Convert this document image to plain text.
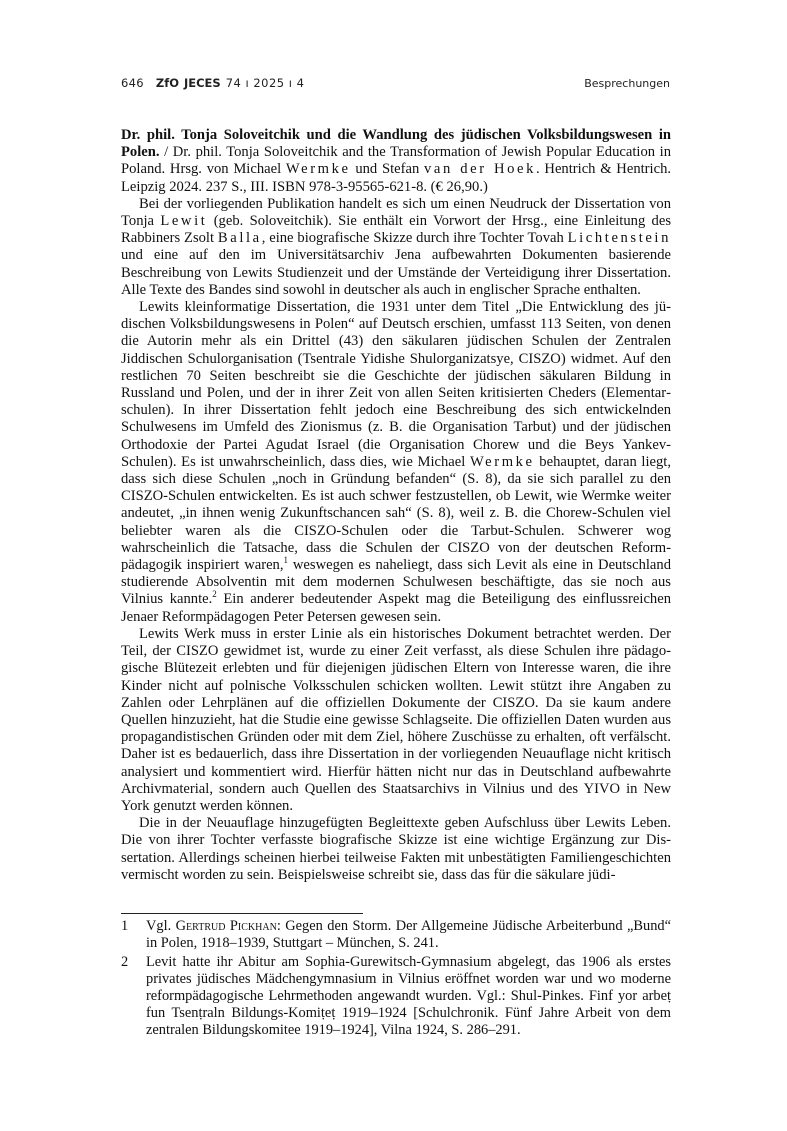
646 ZfO JECES 74 ı 2025 ı 4	Besprechungen

Dr. phil. Tonja Soloveitchik und die Wandlung des jüdischen Volksbildungswesen in Polen. / Dr. phil. Tonja Soloveitchik and the Transformation of Jewish Popular Education in Poland. Hrsg. von Michael Wermke und Stefan van der Hoek. Hentrich & Hentrich. Leipzig 2024. 237 S., III. ISBN 978-3-95565-621-8. (€ 26,90.)

Bei der vorliegenden Publikation handelt es sich um einen Neudruck der Dissertation von Tonja Lewit (geb. Soloveitchik). Sie enthält ein Vorwort der Hrsg., eine Einleitung des Rabbiners Zsolt Balla, eine biografische Skizze durch ihre Tochter Tovah Lichtenstein und eine auf den im Universitätsarchiv Jena aufbewahrten Dokumenten basierende Beschreibung von Lewits Studienzeit und der Umstände der Verteidigung ihrer Dissertation. Alle Texte des Bandes sind sowohl in deutscher als auch in englischer Sprache enthalten.

Lewits kleinformatige Dissertation, die 1931 unter dem Titel „Die Entwicklung des jüdischen Volksbildungswesens in Polen“ auf Deutsch erschien, umfasst 113 Seiten, von denen die Autorin mehr als ein Drittel (43) den säkularen jüdischen Schulen der Zentralen Jiddischen Schulorganisation (Tsentrale Yidishe Shulorganizatsye, CISZO) widmet. Auf den restlichen 70 Seiten beschreibt sie die Geschichte der jüdischen säkularen Bildung in Russland und Polen, und der in ihrer Zeit von allen Seiten kritisierten Cheders (Elementarschulen). In ihrer Dissertation fehlt jedoch eine Beschreibung des sich entwickelnden Schulwesens im Umfeld des Zionismus (z. B. die Organisation Tarbut) und der jüdischen Orthodoxie der Partei Agudat Israel (die Organisation Chorew und die Beys Yankev-Schulen). Es ist unwahrscheinlich, dass dies, wie Michael Wermke behauptet, daran liegt, dass sich diese Schulen „noch in Gründung befanden“ (S. 8), da sie sich parallel zu den CISZO-Schulen entwickelten. Es ist auch schwer festzustellen, ob Lewit, wie Wermke weiter andeutet, „in ihnen wenig Zukunftschancen sah“ (S. 8), weil z. B. die Chorew-Schulen viel beliebter waren als die CISZO-Schulen oder die Tarbut-Schulen. Schwerer wog wahrscheinlich die Tatsache, dass die Schulen der CISZO von der deutschen Reformpädagogik inspiriert waren,$^1$ weswegen es naheliegt, dass sich Levit als eine in Deutschland studierende Absolventin mit dem modernen Schulwesen beschäftigte, das sie noch aus Vilnius kannte.$^2$ Ein anderer bedeutender Aspekt mag die Beteiligung des einflussreichen Jenaer Reformpädagogen Peter Petersen gewesen sein.

Lewits Werk muss in erster Linie als ein historisches Dokument betrachtet werden. Der Teil, der CISZO gewidmet ist, wurde zu einer Zeit verfasst, als diese Schulen ihre pädagogische Blütezeit erlebten und für diejenigen jüdischen Eltern von Interesse waren, die ihre Kinder nicht auf polnische Volksschulen schicken wollten. Lewit stützt ihre Angaben zu Zahlen oder Lehrplänen auf die offiziellen Dokumente der CISZO. Da sie kaum andere Quellen hinzuzieht, hat die Studie eine gewisse Schlagseite. Die offiziellen Daten wurden aus propagandistischen Gründen oder mit dem Ziel, höhere Zuschüsse zu erhalten, oft verfälscht. Daher ist es bedauerlich, dass ihre Dissertation in der vorliegenden Neuauflage nicht kritisch analysiert und kommentiert wird. Hierfür hätten nicht nur das in Deutschland aufbewahrte Archivmaterial, sondern auch Quellen des Staatsarchivs in Vilnius und des YIVO in New York genutzt werden können.

Die in der Neuauflage hinzugefügten Begleittexte geben Aufschluss über Lewits Leben. Die von ihrer Tochter verfasste biografische Skizze ist eine wichtige Ergänzung zur Dissertation. Allerdings scheinen hierbei teilweise Fakten mit unbestätigten Familiengeschichten vermischt worden zu sein. Beispielsweise schreibt sie, dass das für die säkulare jüdi-

1	Vgl. Gertrud Pickhan: Gegen den Storm. Der Allgemeine Jüdische Arbeiterbund „Bund“ in Polen, 1918–1939, Stuttgart – München, S. 241.
2	Levit hatte ihr Abitur am Sophia-Gurewitsch-Gymnasium abgelegt, das 1906 als erstes privates jüdisches Mädchengymnasium in Vilnius eröffnet worden war und wo moderne reformpädagogische Lehrmethoden angewandt wurden. Vgl.: Shul-Pinkes. Finf yor arbeṭ fun Tsenṭraln Bildungs-Komiṭeṭ 1919–1924 [Schulchronik. Fünf Jahre Arbeit von dem zentralen Bildungskomitee 1919–1924], Vilna 1924, S. 286–291.
